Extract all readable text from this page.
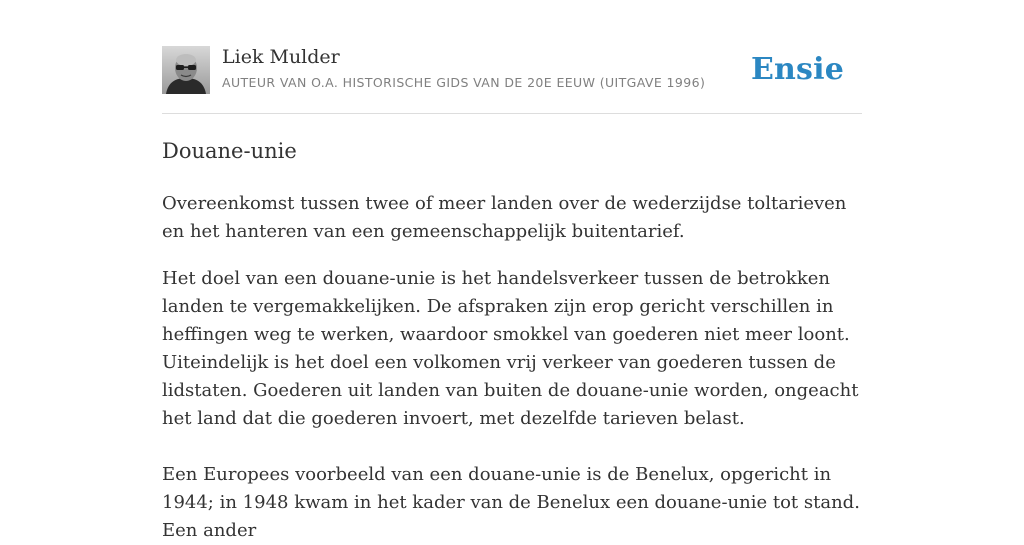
Liek Mulder
AUTEUR VAN O.A. HISTORISCHE GIDS VAN DE 20E EEUW (UITGAVE 1996) Ensie
Douane-unie

Overeenkomst tussen twee of meer landen over de wederzijdse toltarieven en het hanteren van een gemeenschappelijk buitentarief.

Het doel van een douane-unie is het handelsverkeer tussen de betrokken landen te vergemakkelijken. De afspraken zijn erop gericht verschillen in heffingen weg te werken, waardoor smokkel van goederen niet meer loont. Uiteindelijk is het doel een volkomen vrij verkeer van goederen tussen de lidstaten. Goederen uit landen van buiten de douane-unie worden, ongeacht het land dat die goederen invoert, met dezelfde tarieven belast.

Een Europees voorbeeld van een douane-unie is de Benelux, opgericht in 1944; in 1948 kwam in het kader van de Benelux een douane-unie tot stand. Een ander
